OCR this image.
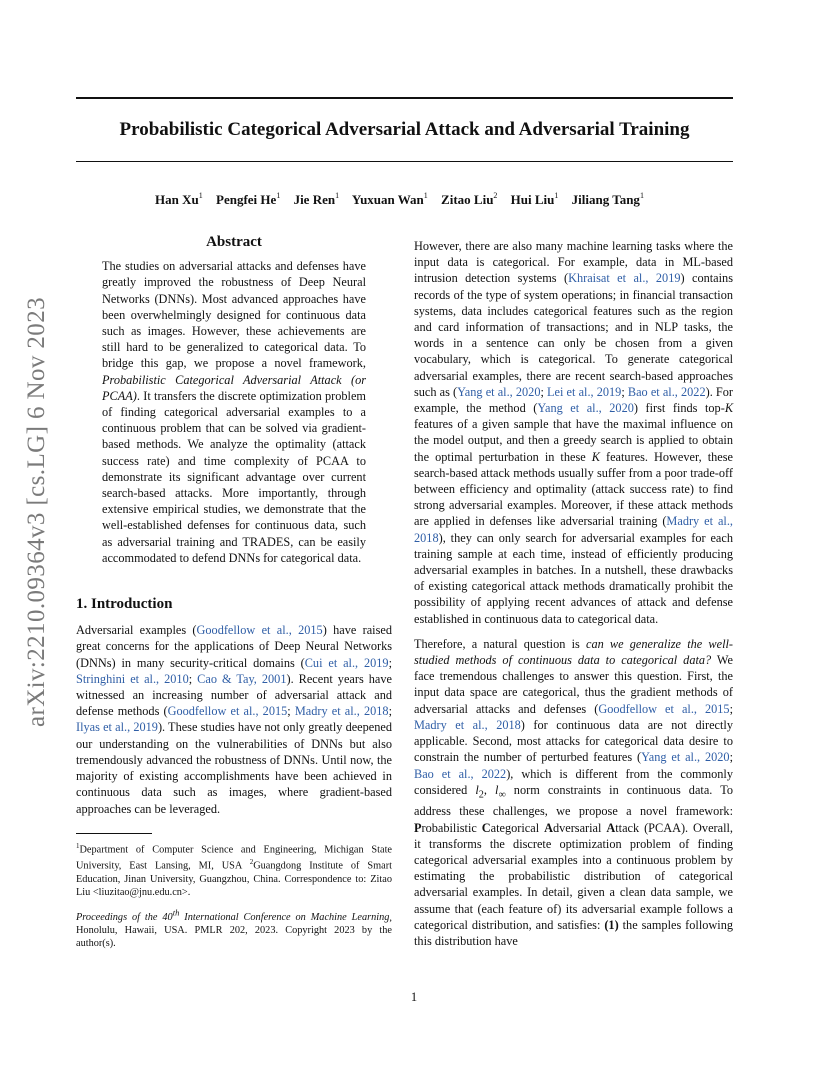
arXiv:2210.09364v3 [cs.LG] 6 Nov 2023
Probabilistic Categorical Adversarial Attack and Adversarial Training
Han Xu$^1$ Pengfei He$^1$ Jie Ren$^1$ Yuxuan Wan$^1$ Zitao Liu$^2$ Hui Liu$^1$ Jiliang Tang$^1$
Abstract

The studies on adversarial attacks and defenses have greatly improved the robustness of Deep Neural Networks (DNNs). Most advanced approaches have been overwhelmingly designed for continuous data such as images. However, these achievements are still hard to be generalized to categorical data. To bridge this gap, we propose a novel framework, Probabilistic Categorical Adversarial Attack (or PCAA). It transfers the discrete optimization problem of finding categorical adversarial examples to a continuous problem that can be solved via gradient-based methods. We analyze the optimality (attack success rate) and time complexity of PCAA to demonstrate its significant advantage over current search-based attacks. More importantly, through extensive empirical studies, we demonstrate that the well-established defenses for continuous data, such as adversarial training and TRADES, can be easily accommodated to defend DNNs for categorical data.

1. Introduction

Adversarial examples (Goodfellow et al., 2015) have raised great concerns for the applications of Deep Neural Networks (DNNs) in many security-critical domains (Cui et al., 2019; Stringhini et al., 2010; Cao & Tay, 2001). Recent years have witnessed an increasing number of adversarial attack and defense methods (Goodfellow et al., 2015; Madry et al., 2018; Ilyas et al., 2019). These studies have not only greatly deepened our understanding on the vulnerabilities of DNNs but also tremendously advanced the robustness of DNNs. Until now, the majority of existing accomplishments have been achieved in continuous data such as images, where gradient-based approaches can be leveraged.

$^1$Department of Computer Science and Engineering, Michigan State University, East Lansing, MI, USA $^2$Guangdong Institute of Smart Education, Jinan University, Guangzhou, China. Correspondence to: Zitao Liu <liuzitao@jnu.edu.cn>.

Proceedings of the 40th International Conference on Machine Learning, Honolulu, Hawaii, USA. PMLR 202, 2023. Copyright 2023 by the author(s).

However, there are also many machine learning tasks where the input data is categorical. For example, data in ML-based intrusion detection systems (Khraisat et al., 2019) contains records of the type of system operations; in financial transaction systems, data includes categorical features such as the region and card information of transactions; and in NLP tasks, the words in a sentence can only be chosen from a given vocabulary, which is categorical. To generate categorical adversarial examples, there are recent search-based approaches such as (Yang et al., 2020; Lei et al., 2019; Bao et al., 2022). For example, the method (Yang et al., 2020) first finds top-K features of a given sample that have the maximal influence on the model output, and then a greedy search is applied to obtain the optimal perturbation in these K features. However, these search-based attack methods usually suffer from a poor trade-off between efficiency and optimality (attack success rate) to find strong adversarial examples. Moreover, if these attack methods are applied in defenses like adversarial training (Madry et al., 2018), they can only search for adversarial examples for each training sample at each time, instead of efficiently producing adversarial examples in batches. In a nutshell, these drawbacks of existing categorical attack methods dramatically prohibit the possibility of applying recent advances of attack and defense established in continuous data to categorical data.

Therefore, a natural question is can we generalize the well-studied methods of continuous data to categorical data? We face tremendous challenges to answer this question. First, the input data space are categorical, thus the gradient methods of adversarial attacks and defenses (Goodfellow et al., 2015; Madry et al., 2018) for continuous data are not directly applicable. Second, most attacks for categorical data desire to constrain the number of perturbed features (Yang et al., 2020; Bao et al., 2022), which is different from the commonly considered $l_2$, $l_\infty$ norm constraints in continuous data. To address these challenges, we propose a novel framework: Probabilistic Categorical Adversarial Attack (PCAA). Overall, it transforms the discrete optimization problem of finding categorical adversarial examples into a continuous problem by estimating the probabilistic distribution of categorical adversarial examples. In detail, given a clean data sample, we assume that (each feature of) its adversarial example follows a categorical distribution, and satisfies: (1) the samples following this distribution have

1
